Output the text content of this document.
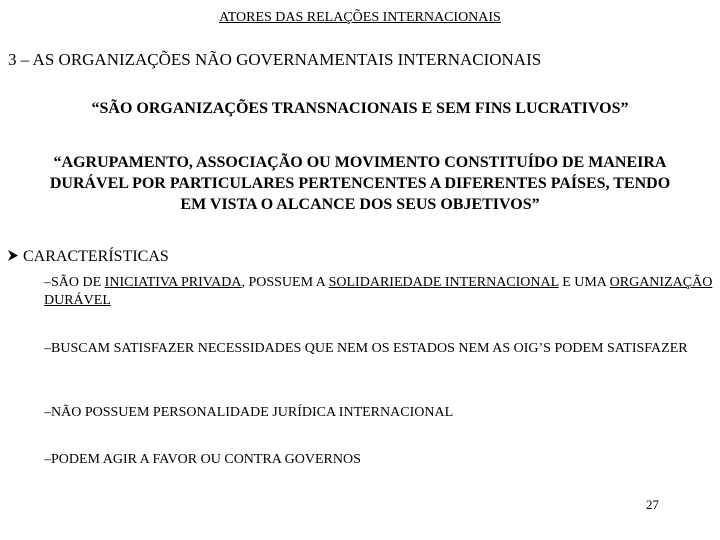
ATORES DAS RELAÇÕES INTERNACIONAIS
3 – AS ORGANIZAÇÕES NÃO GOVERNAMENTAIS INTERNACIONAIS
“SÃO ORGANIZAÇÕES TRANSNACIONAIS E SEM FINS LUCRATIVOS”
“AGRUPAMENTO, ASSOCIAÇÃO OU MOVIMENTO CONSTITUÍDO DE MANEIRA
DURÁVEL POR PARTICULARES PERTENCENTES A DIFERENTES PAÍSES, TENDO
EM VISTA O ALCANCE DOS SEUS OBJETIVOS”
CARACTERÍSTICAS
–SÃO DE INICIATIVA PRIVADA, POSSUEM A SOLIDARIEDADE INTERNACIONAL E UMA ORGANIZAÇÃO DURÁVEL
–BUSCAM SATISFAZER NECESSIDADES QUE NEM OS ESTADOS NEM AS OIG’S PODEM SATISFAZER
–NÃO POSSUEM PERSONALIDADE JURÍDICA INTERNACIONAL
–PODEM AGIR A FAVOR OU CONTRA GOVERNOS
27
